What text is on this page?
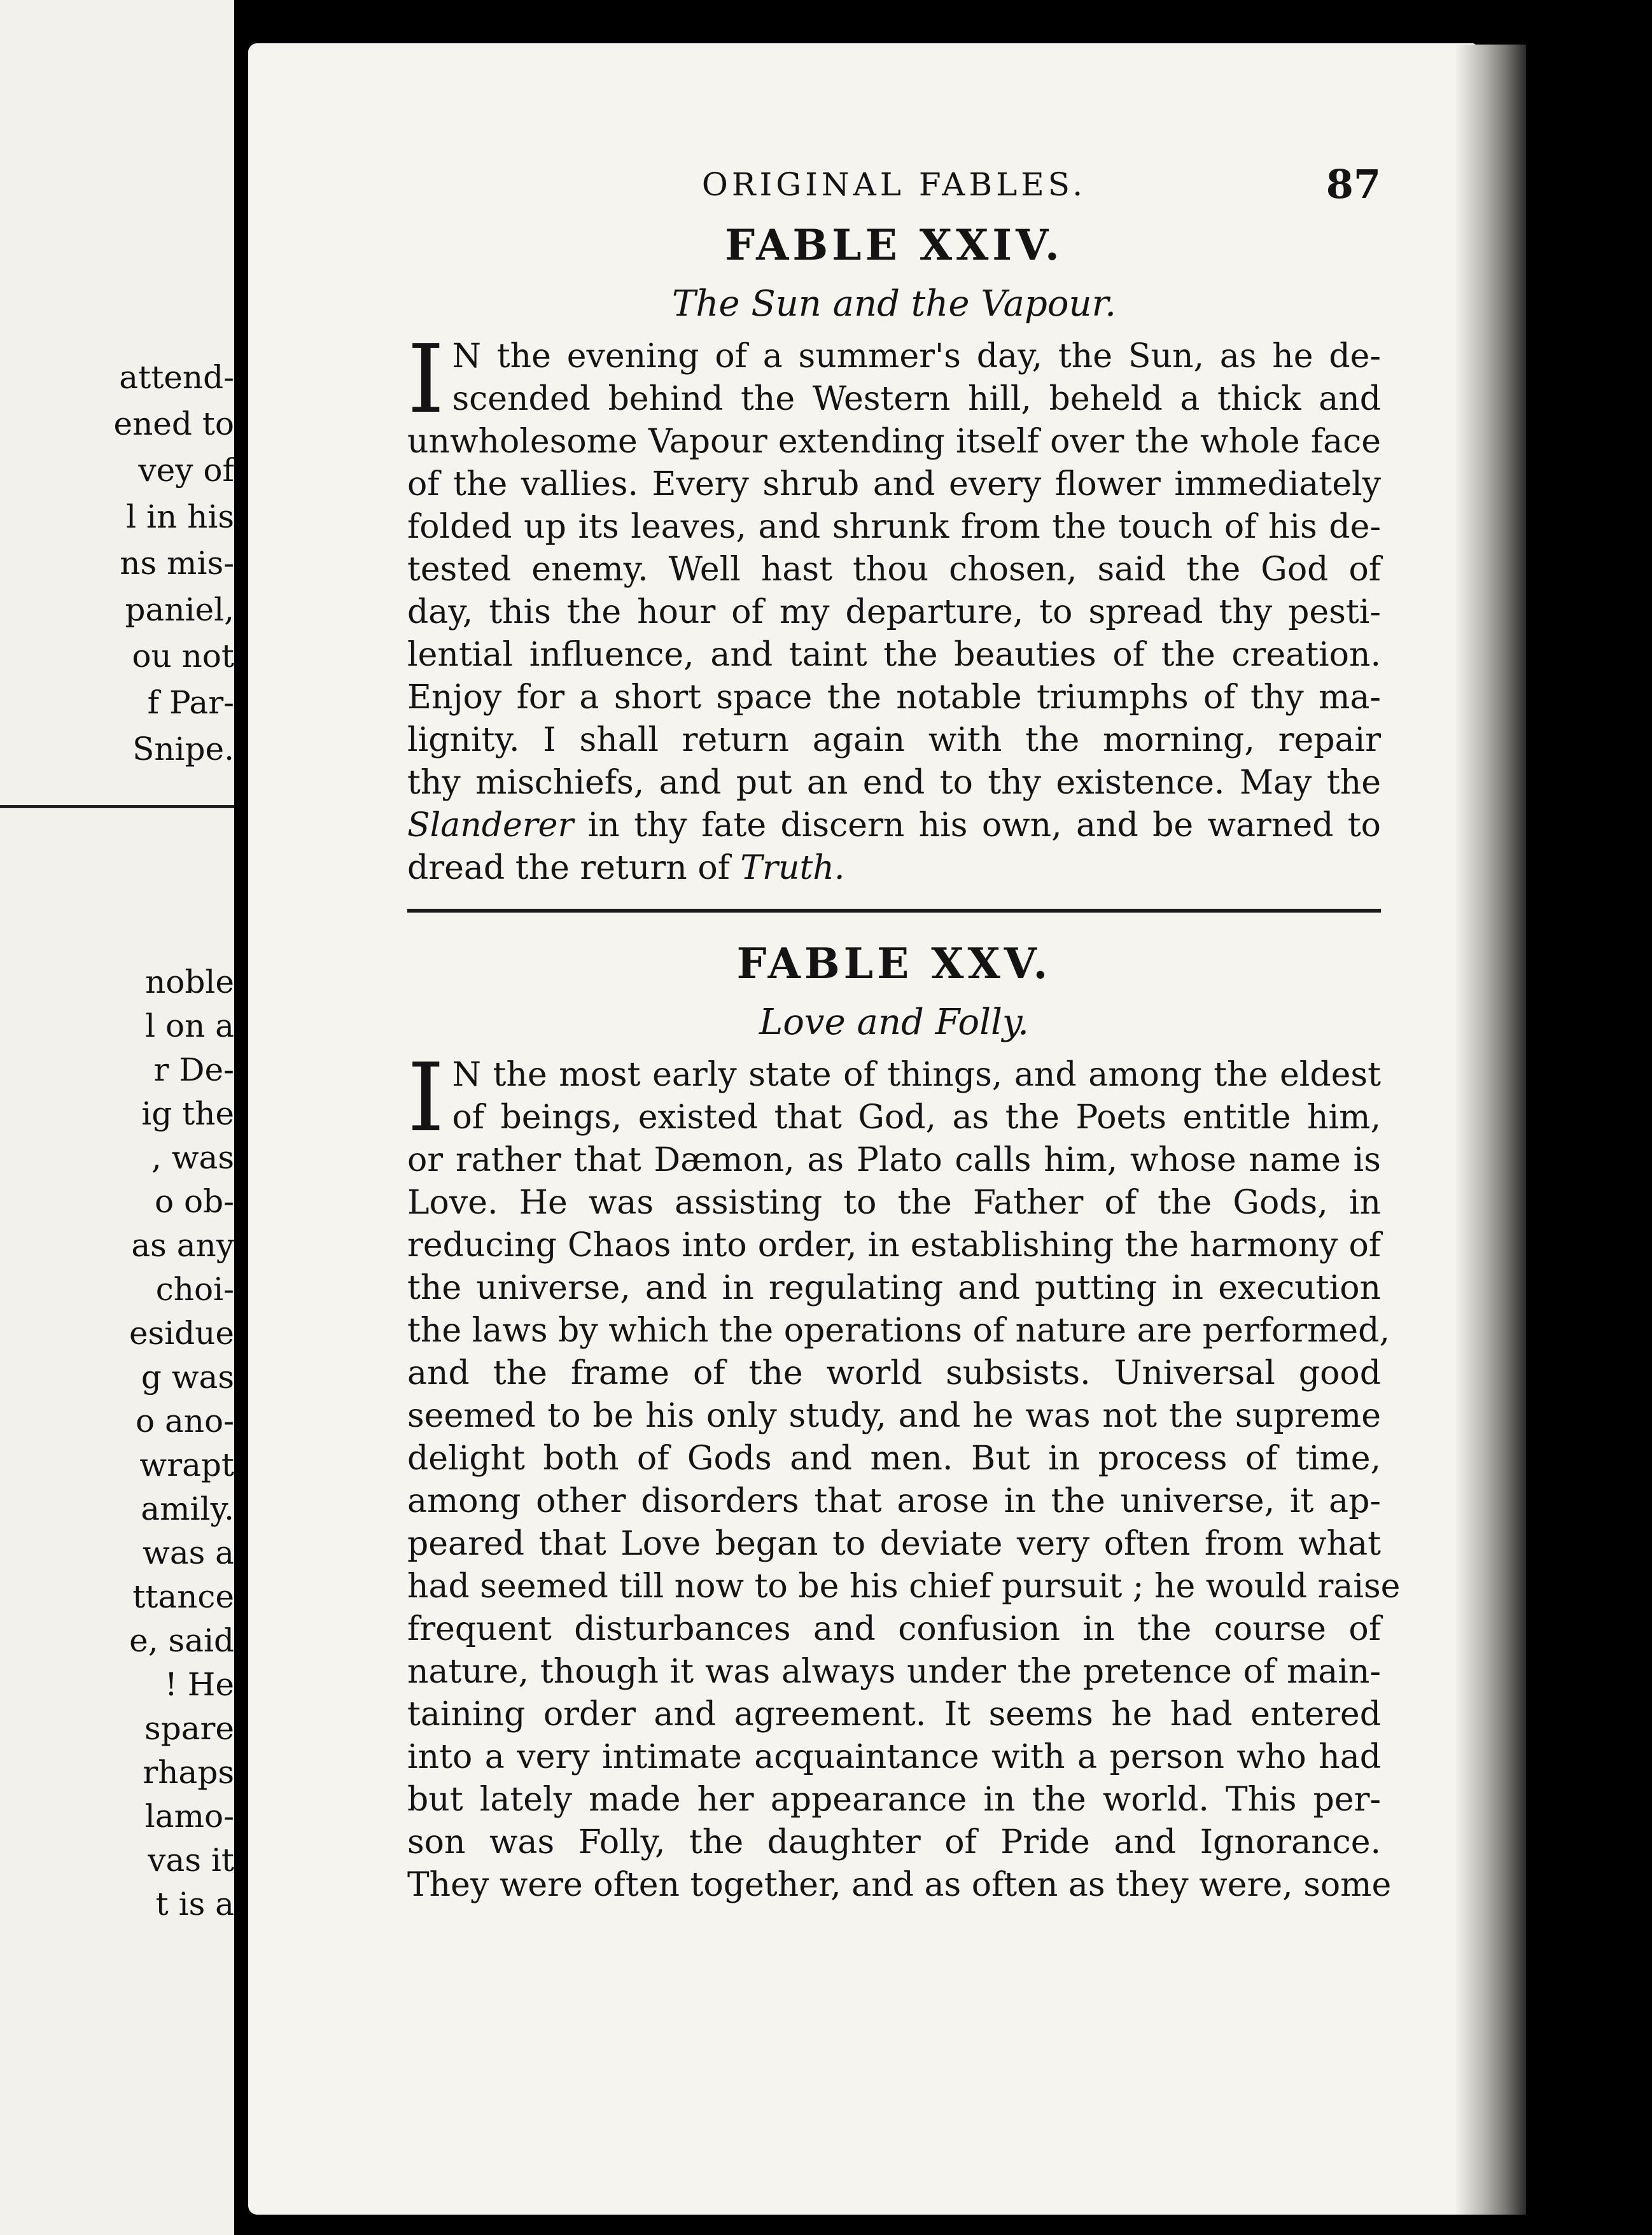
attend-
ened to
vey of
l in his
ns mis-
paniel,
ou not
f Par-
Snipe.
noble
l on a
r De-
ig the
, was
o ob-
as any
choi-
esidue
g was
o ano-
wrapt
amily.
was a
ttance
e, said
! He
spare
rhaps
lamo-
vas it
t is a
ORIGINAL FABLES.	87
FABLE XXIV.

The Sun and the Vapour.

I N the evening of a summer's day, the Sun, as he de-
scended behind the Western hill, beheld a thick and
unwholesome Vapour extending itself over the whole face
of the vallies. Every shrub and every flower immediately
folded up its leaves, and shrunk from the touch of his de-
tested enemy. Well hast thou chosen, said the God of
day, this the hour of my departure, to spread thy pesti-
lential influence, and taint the beauties of the creation.
Enjoy for a short space the notable triumphs of thy ma-
lignity. I shall return again with the morning, repair
thy mischiefs, and put an end to thy existence. May the
Slanderer in thy fate discern his own, and be warned to
dread the return of Truth.
FABLE XXV.

Love and Folly.

I N the most early state of things, and among the eldest
of beings, existed that God, as the Poets entitle him,
or rather that Dæmon, as Plato calls him, whose name is
Love. He was assisting to the Father of the Gods, in
reducing Chaos into order, in establishing the harmony of
the universe, and in regulating and putting in execution
the laws by which the operations of nature are performed,
and the frame of the world subsists. Universal good
seemed to be his only study, and he was not the supreme
delight both of Gods and men. But in process of time,
among other disorders that arose in the universe, it ap-
peared that Love began to deviate very often from what
had seemed till now to be his chief pursuit ; he would raise
frequent disturbances and confusion in the course of
nature, though it was always under the pretence of main-
taining order and agreement. It seems he had entered
into a very intimate acquaintance with a person who had
but lately made her appearance in the world. This per-
son was Folly, the daughter of Pride and Ignorance.
They were often together, and as often as they were, some
